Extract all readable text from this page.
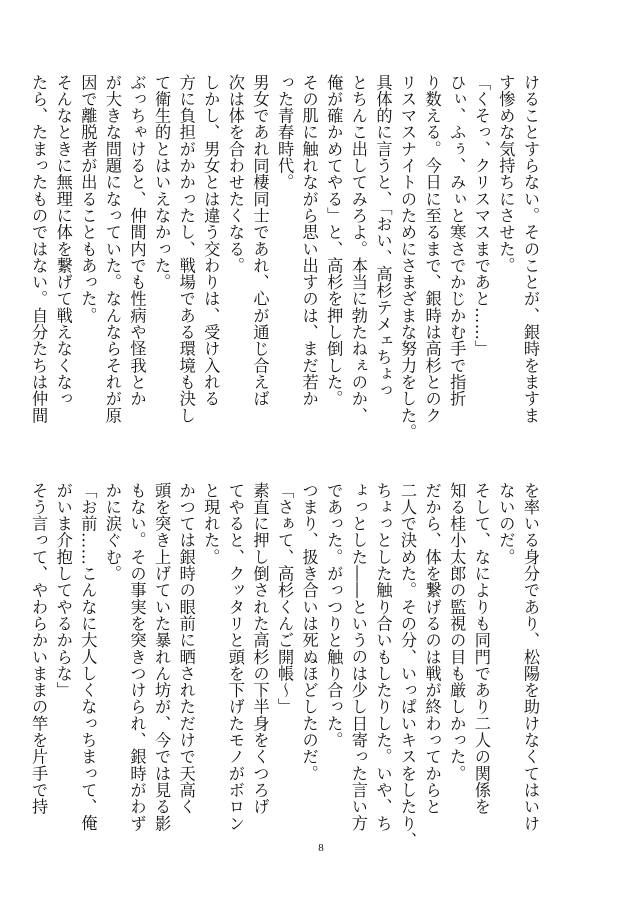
けることすらない。そのことが、銀時をますま
す惨めな気持ちにさせた。
「くそっ、クリスマスまであと……」
ひぃ、ふぅ、みぃと寒さでかじかむ手で指折
り数える。今日に至るまで、銀時は高杉とのク
リスマスナイトのためにさまざまな努力をした。
具体的に言うと、「おい、高杉テメェちょっ
とちんこ出してみろよ。本当に勃たねぇのか、
俺が確かめてやる」と、高杉を押し倒した。
その肌に触れながら思い出すのは、まだ若か
った青春時代。
男女であれ同棲同士であれ、心が通じ合えば
次は体を合わせたくなる。
しかし、男女とは違う交わりは、受け入れる
方に負担がかかったし、戦場である環境も決し
て衛生的とはいえなかった。
ぶっちゃけると、仲間内でも性病や怪我とか
が大きな問題になっていた。なんならそれが原
因で離脱者が出ることもあった。
そんなときに無理に体を繋げて戦えなくなっ
たら、たまったものではない。自分たちは仲間
を率いる身分であり、松陽を助けなくてはいけ
ないのだ。
そして、なによりも同門であり二人の関係を
知る桂小太郎の監視の目も厳しかった。
だから、体を繋げるのは戦が終わってからと
二人で決めた。その分、いっぱいキスをしたり、
ちょっとした触り合いもしたりした。いや、ち
ょっとした――というのは少し日寄った言い方
であった。がっつりと触り合った。
つまり、扱き合いは死ぬほどしたのだ。
「さぁて、高杉くんご開帳～」
素直に押し倒された高杉の下半身をくつろげ
てやると、クッタリと頭を下げたモノがボロン
と現れた。
かつては銀時の眼前に晒されただけで天高く
頭を突き上げていた暴れん坊が、今では見る影
もない。その事実を突きつけられ、銀時がわず
かに涙ぐむ。
「お前……こんなに大人しくなっちまって、俺
がいま介抱してやるからな」
そう言って、やわらかいままの竿を片手で持
8
